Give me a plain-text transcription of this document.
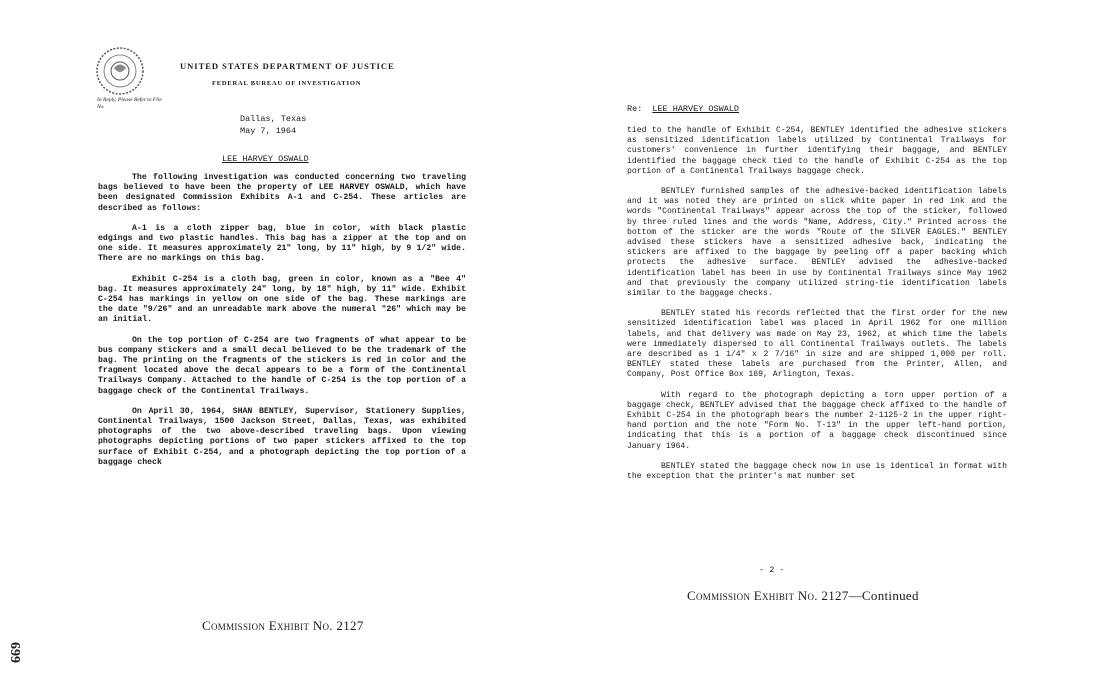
UNITED STATES DEPARTMENT OF JUSTICE
FEDERAL BUREAU OF INVESTIGATION
In Reply, Please Refer to File No.
Dallas, Texas
May 7, 1964
LEE HARVEY OSWALD

The following investigation was conducted concerning two traveling bags believed to have been the property of LEE HARVEY OSWALD, which have been designated Commission Exhibits A-1 and C-254. These articles are described as follows:

A-1 is a cloth zipper bag, blue in color, with black plastic edgings and two plastic handles. This bag has a zipper at the top and on one side. It measures approximately 21" long, by 11" high, by 9 1/2" wide. There are no markings on this bag.

Exhibit C-254 is a cloth bag, green in color, known as a "Bee 4" bag. It measures approximately 24" long, by 18" high, by 11" wide. Exhibit C-254 has markings in yellow on one side of the bag. These markings are the date "9/26" and an unreadable mark above the numeral "26" which may be an initial.

On the top portion of C-254 are two fragments of what appear to be bus company stickers and a small decal believed to be the trademark of the bag. The printing on the fragments of the stickers is red in color and the fragment located above the decal appears to be a form of the Continental Trailways Company. Attached to the handle of C-254 is the top portion of a baggage check of the Continental Trailways.

On April 30, 1964, SHAN BENTLEY, Supervisor, Stationery Supplies, Continental Trailways, 1500 Jackson Street, Dallas, Texas, was exhibited photographs of the two above-described traveling bags. Upon viewing photographs depicting portions of two paper stickers affixed to the top surface of Exhibit C-254, and a photograph depicting the top portion of a baggage check

Commission Exhibit No. 2127
699
Re: LEE HARVEY OSWALD

tied to the handle of Exhibit C-254, BENTLEY identified the adhesive stickers as sensitized identification labels utilized by Continental Trailways for customers' convenience in further identifying their baggage, and BENTLEY identified the baggage check tied to the handle of Exhibit C-254 as the top portion of a Continental Trailways baggage check.

BENTLEY furnished samples of the adhesive-backed identification labels and it was noted they are printed on slick white paper in red ink and the words "Continental Trailways" appear across the top of the sticker, followed by three ruled lines and the words "Name, Address, City." Printed across the bottom of the sticker are the words "Route of the SILVER EAGLES." BENTLEY advised these stickers have a sensitized adhesive back, indicating the stickers are affixed to the baggage by peeling off a paper backing which protects the adhesive surface. BENTLEY advised the adhesive-backed identification label has been in use by Continental Trailways since May 1962 and that previously the company utilized string-tie identification labels similar to the baggage checks.

BENTLEY stated his records reflected that the first order for the new sensitized identification label was placed in April 1962 for one million labels, and that delivery was made on May 23, 1962, at which time the labels were immediately dispersed to all Continental Trailways outlets. The labels are described as 1 1/4" x 2 7/16" in size and are shipped 1,000 per roll. BENTLEY stated these labels are purchased from the Printer, Allen, and Company, Post Office Box 169, Arlington, Texas.

With regard to the photograph depicting a torn upper portion of a baggage check, BENTLEY advised that the baggage check affixed to the handle of Exhibit C-254 in the photograph bears the number 2-1125-2 in the upper right-hand portion and the note "Form No. T-13" in the upper left-hand portion, indicating that this is a portion of a baggage check discontinued since January 1964.

BENTLEY stated the baggage check now in use is identical in format with the exception that the printer's mat number set

- 2 -
Commission Exhibit No. 2127—Continued
